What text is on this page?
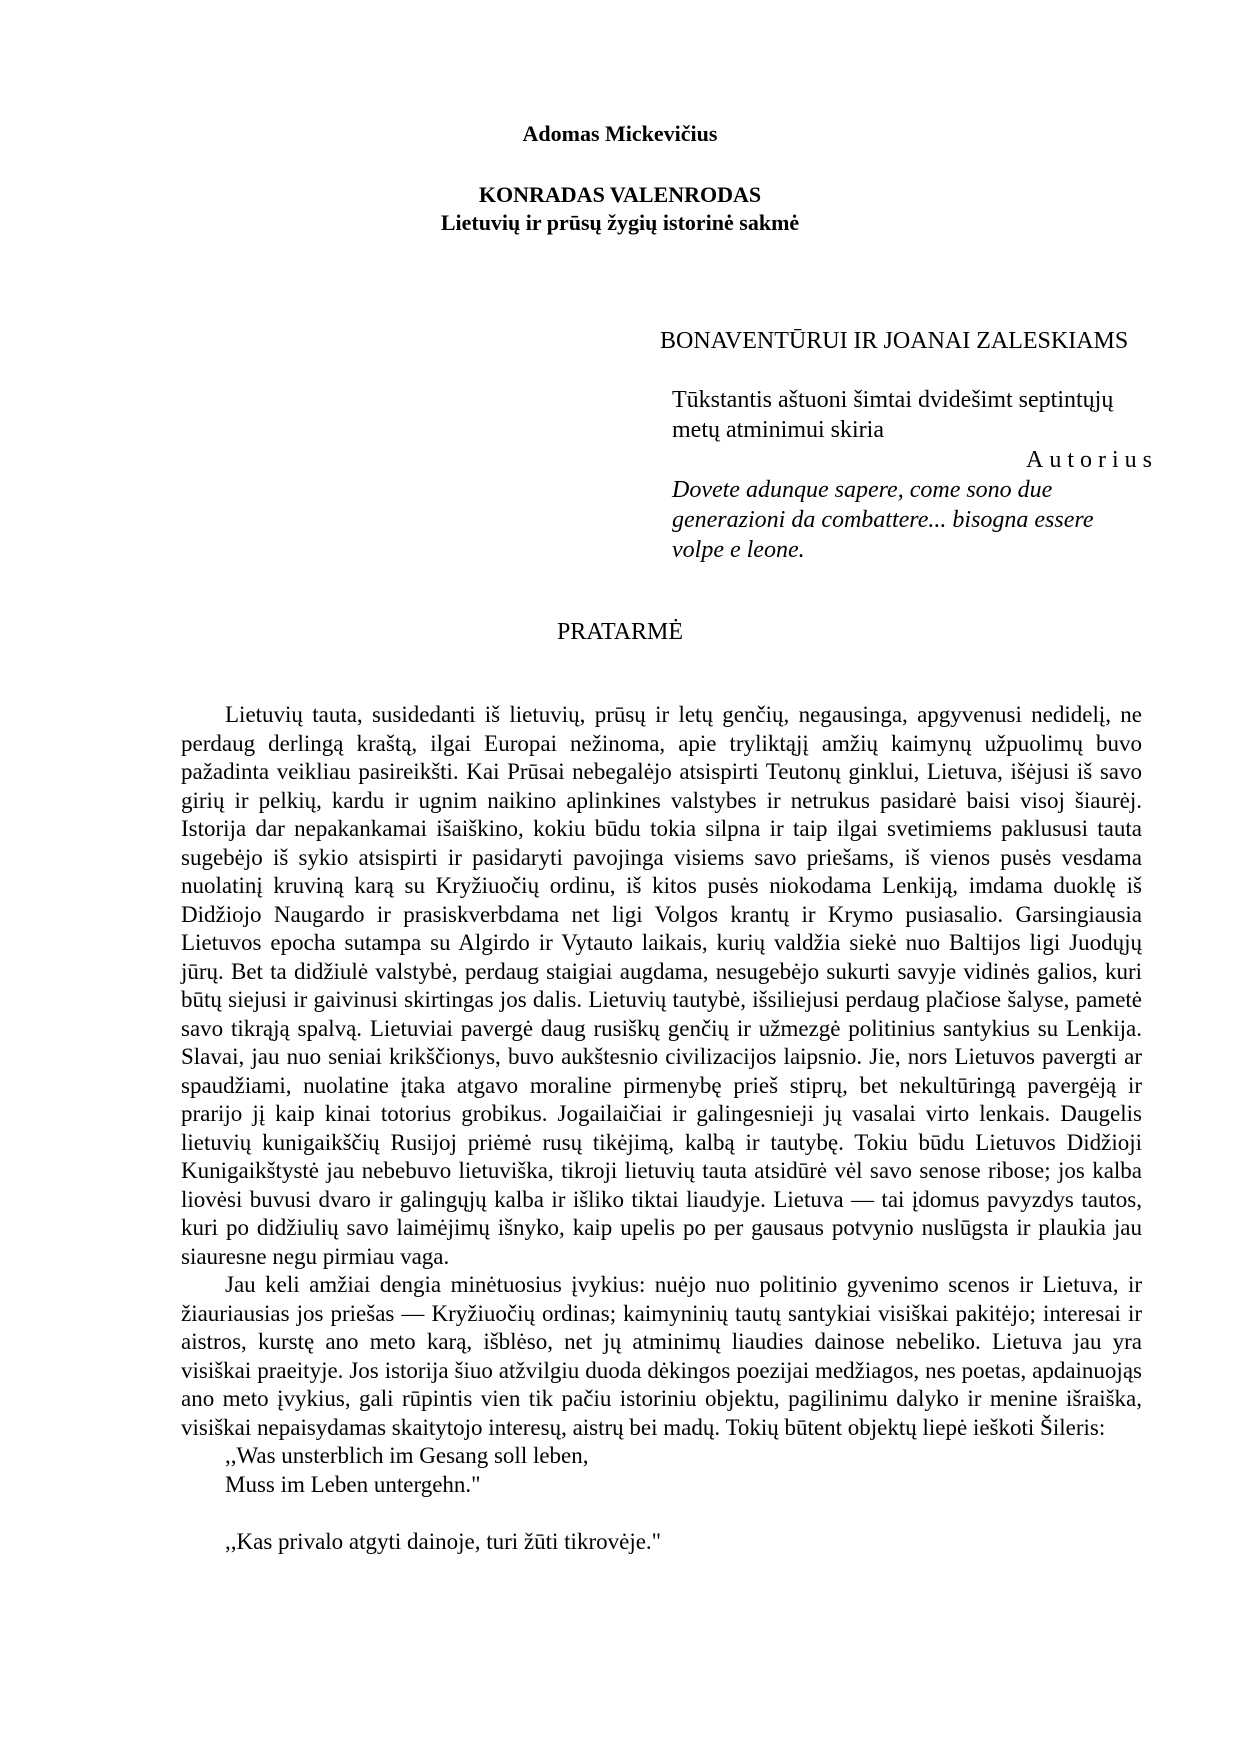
Adomas Mickevičius
KONRADAS VALENRODAS
Lietuvių ir prūsų žygių istorinė sakmė
BONAVENTŪRUI IR JOANAI ZALESKIAMS
Tūkstantis aštuoni šimtai dvidešimt septintųjų
metų atminimui skiria
Autorius
Dovete adunque sapere, come sono due
generazioni da combattere... bisogna essere
volpe e leone.
PRATARMĖ

Lietuvių tauta, susidedanti iš lietuvių, prūsų ir letų genčių, negausinga, apgyvenusi nedidelį, ne perdaug derlingą kraštą, ilgai Europai nežinoma, apie tryliktąjį amžių kaimynų užpuolimų buvo pažadinta veikliau pasireikšti. Kai Prūsai nebegalėjo atsispirti Teutonų ginklui, Lietuva, išėjusi iš savo girių ir pelkių, kardu ir ugnim naikino aplinkines valstybes ir netrukus pasidarė baisi visoj šiaurėj. Istorija dar nepakankamai išaiškino, kokiu būdu tokia silpna ir taip ilgai svetimiems paklususi tauta sugebėjo iš sykio atsispirti ir pasidaryti pavojinga visiems savo priešams, iš vienos pusės vesdama nuolatinį kruviną karą su Kryžiuočių ordinu, iš kitos pusės niokodama Lenkiją, imdama duoklę iš Didžiojo Naugardo ir prasiskverbdama net ligi Volgos krantų ir Krymo pusiasalio. Garsingiausia Lietuvos epocha sutampa su Algirdo ir Vytauto laikais, kurių valdžia siekė nuo Baltijos ligi Juodųjų jūrų. Bet ta didžiulė valstybė, perdaug staigiai augdama, nesugebėjo sukurti savyje vidinės galios, kuri būtų siejusi ir gaivinusi skirtingas jos dalis. Lietuvių tautybė, išsiliejusi perdaug plačiose šalyse, pametė savo tikrąją spalvą. Lietuviai pavergė daug rusiškų genčių ir užmezgė politinius santykius su Lenkija. Slavai, jau nuo seniai krikščionys, buvo aukštesnio civilizacijos laipsnio. Jie, nors Lietuvos pavergti ar spaudžiami, nuolatine įtaka atgavo moraline pirmenybę prieš stiprų, bet nekultūringą pavergėją ir prarijo jį kaip kinai totorius grobikus. Jogailaičiai ir galingesnieji jų vasalai virto lenkais. Daugelis lietuvių kunigaikščių Rusijoj priėmė rusų tikėjimą, kalbą ir tautybę. Tokiu būdu Lietuvos Didžioji Kunigaikštystė jau nebebuvo lietuviška, tikroji lietuvių tauta atsidūrė vėl savo senose ribose; jos kalba liovėsi buvusi dvaro ir galingųjų kalba ir išliko tiktai liaudyje. Lietuva — tai įdomus pavyzdys tautos, kuri po didžiulių savo laimėjimų išnyko, kaip upelis po per gausaus potvynio nuslūgsta ir plaukia jau siauresne negu pirmiau vaga.

Jau keli amžiai dengia minėtuosius įvykius: nuėjo nuo politinio gyvenimo scenos ir Lietuva, ir žiauriausias jos priešas — Kryžiuočių ordinas; kaimyninių tautų santykiai visiškai pakitėjo; interesai ir aistros, kurstę ano meto karą, išblėso, net jų atminimų liaudies dainose nebeliko. Lietuva jau yra visiškai praeityje. Jos istorija šiuo atžvilgiu duoda dėkingos poezijai medžiagos, nes poetas, apdainuojąs ano meto įvykius, gali rūpintis vien tik pačiu istoriniu objektu, pagilinimu dalyko ir menine išraiška, visiškai nepaisydamas skaitytojo interesų, aistrų bei madų. Tokių būtent objektų liepė ieškoti Šileris:

,,Was unsterblich im Gesang soll leben,
Muss im Leben untergehn."
,,Kas privalo atgyti dainoje, turi žūti tikrovėje."
